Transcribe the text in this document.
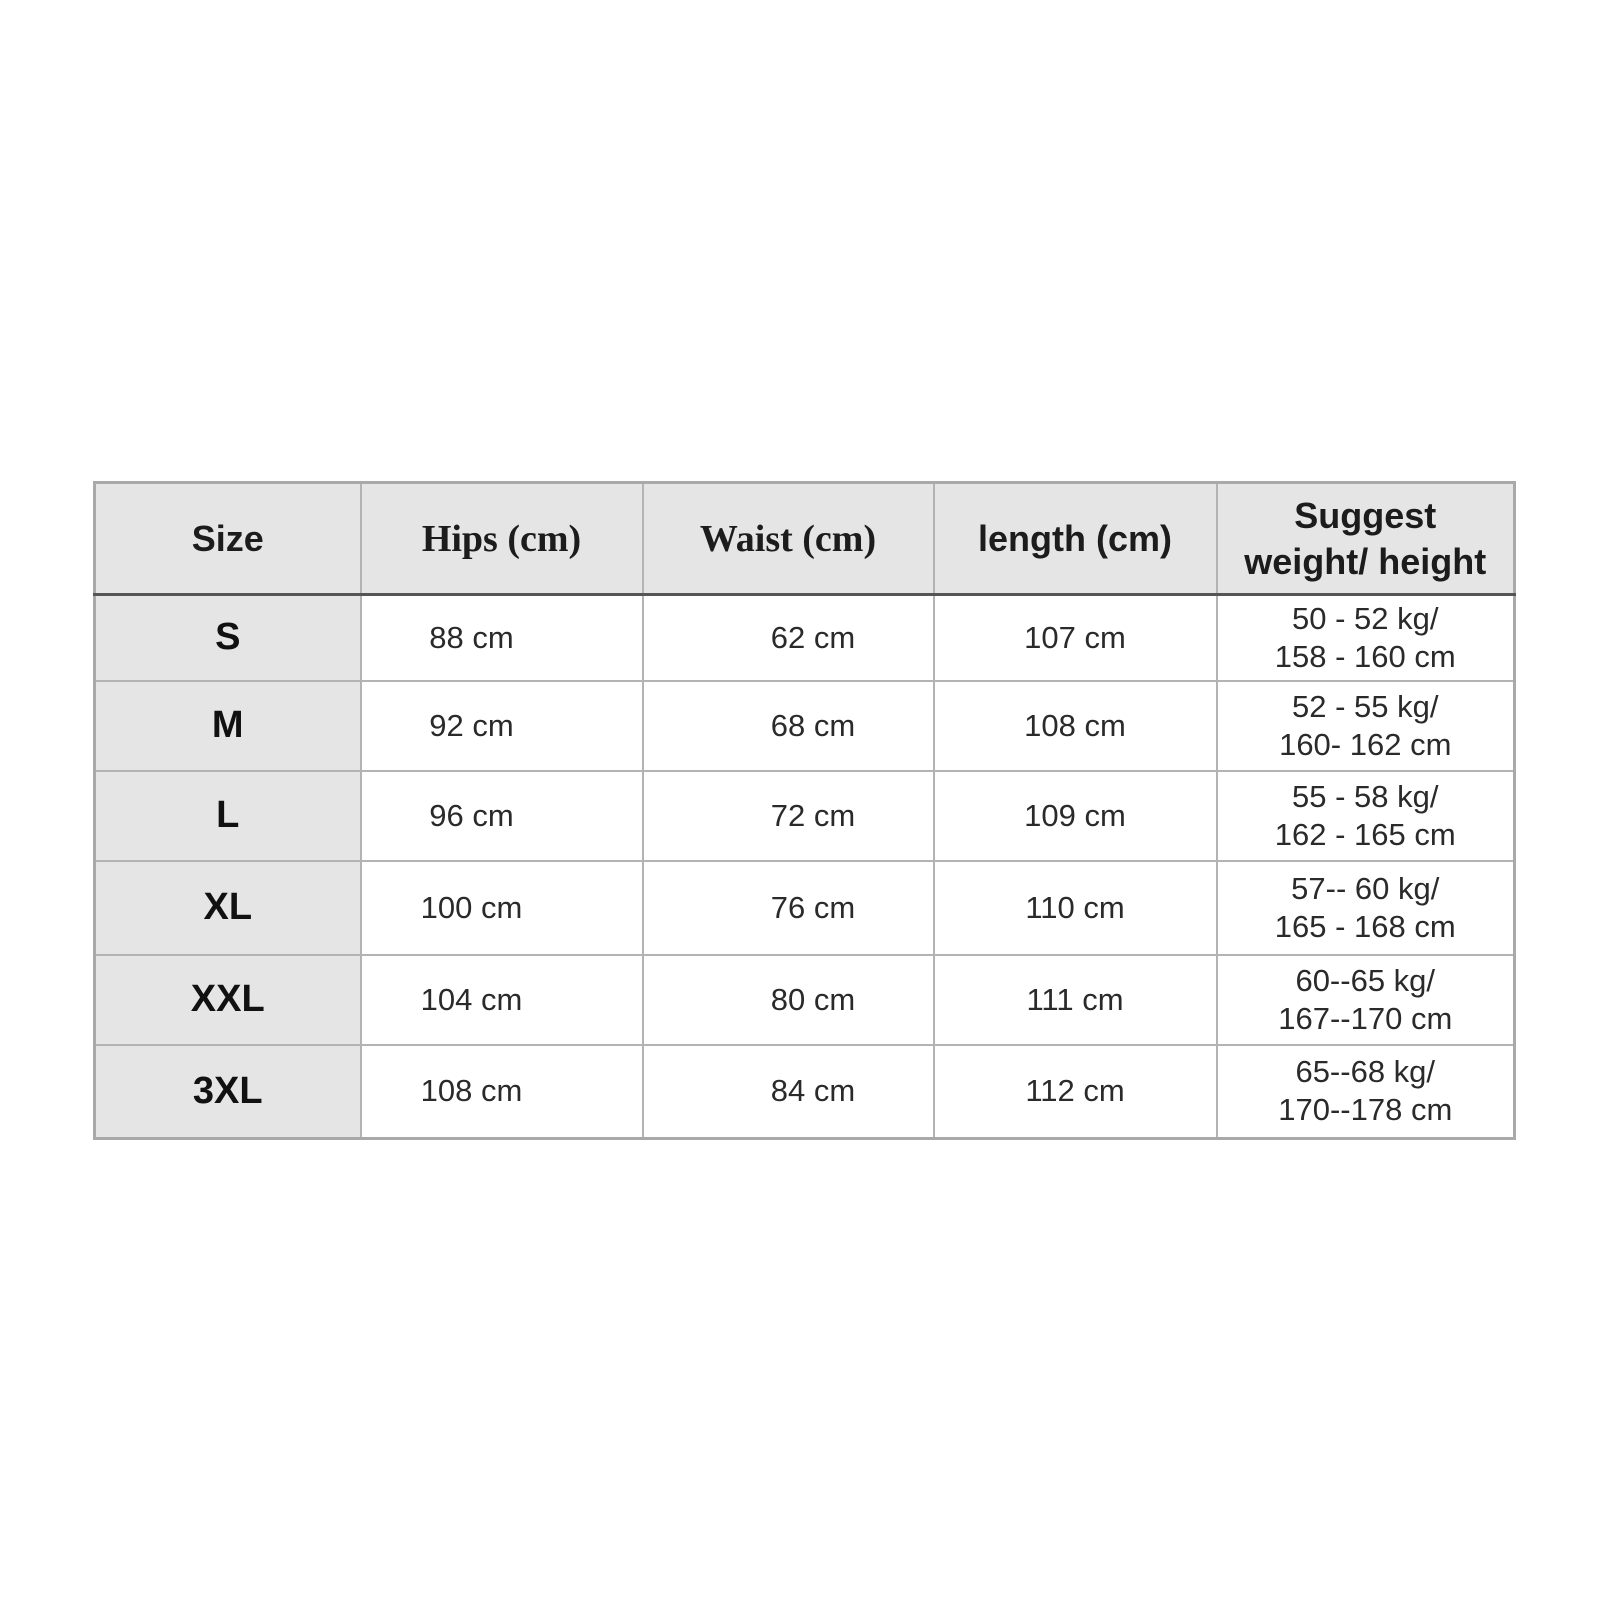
Size	Hips (cm)	Waist (cm)	length (cm)	Suggest
weight/ height

S	88 cm	62 cm	107 cm	50 - 52 kg/
158 - 160 cm

M	92 cm	68 cm	108 cm	52 - 55 kg/
160- 162 cm

L	96 cm	72 cm	109 cm	55 - 58 kg/
162 - 165 cm

XL	100 cm	76 cm	110 cm	57-- 60 kg/
165 - 168 cm

XXL	104 cm	80 cm	111 cm	60--65 kg/
167--170 cm

3XL	108 cm	84 cm	112 cm	65--68 kg/
170--178 cm
